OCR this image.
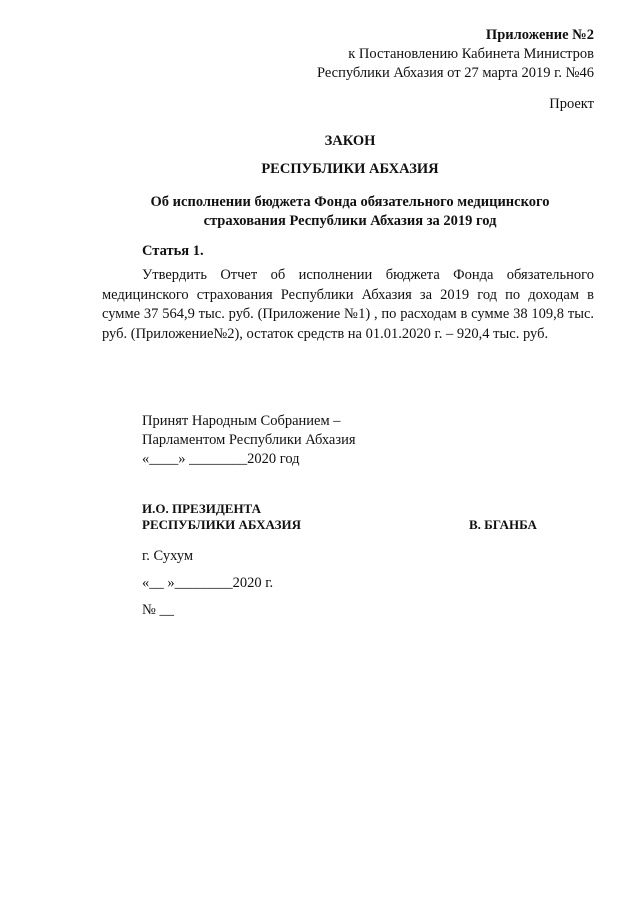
Приложение №2
к Постановлению Кабинета Министров
Республики Абхазия от 27 марта 2019 г. №46
Проект
ЗАКОН
РЕСПУБЛИКИ АБХАЗИЯ
Об исполнении бюджета Фонда обязательного медицинского
страхования Республики Абхазия за 2019 год
Статья 1.
Утвердить Отчет об исполнении бюджета Фонда обязательного медицинского страхования Республики Абхазия за 2019 год по доходам в сумме 37 564,9 тыс. руб. (Приложение №1) , по расходам в сумме 38 109,8 тыс. руб. (Приложение№2), остаток средств на 01.01.2020 г. – 920,4 тыс. руб.
Принят Народным Собранием –
Парламентом Республики Абхазия
«____» ________2020 год
И.О. ПРЕЗИДЕНТА
РЕСПУБЛИКИ АБХАЗИЯ	В. БГАНБА
г. Сухум
«__ »________2020 г.
№ __
